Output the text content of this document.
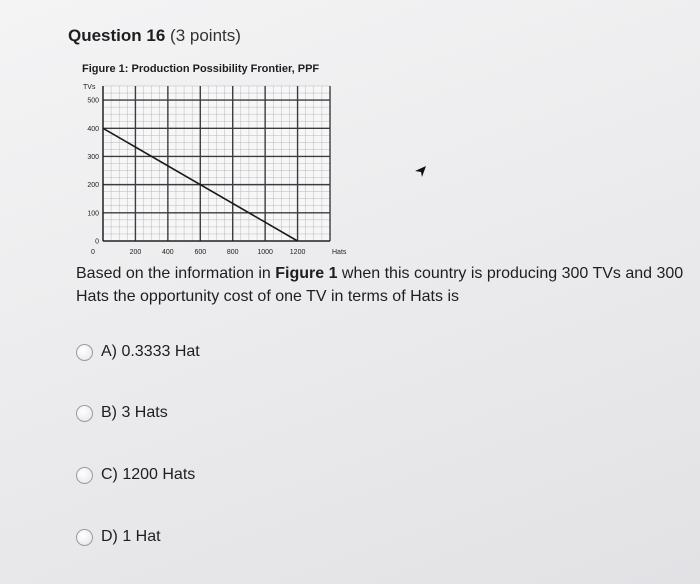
Question 16 (3 points)
Figure 1: Production Possibility Frontier, PPF
0	200	400	600	800	1000 1200
0
100
200
300
400
500
TVs
Hats
Based on the information in Figure 1 when this country is producing 300 TVs and 300 Hats the opportunity cost of one TV in terms of Hats is
A) 0.3333 Hat
B) 3 Hats
C) 1200 Hats
D) 1 Hat
